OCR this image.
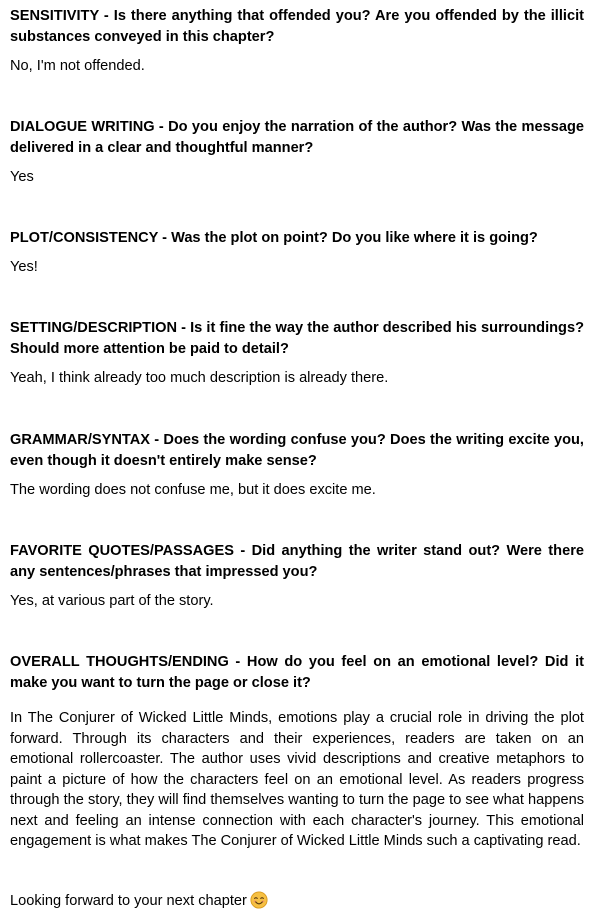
SENSITIVITY - Is there anything that offended you? Are you offended by the illicit substances conveyed in this chapter?

No, I'm not offended.

DIALOGUE WRITING - Do you enjoy the narration of the author? Was the message delivered in a clear and thoughtful manner?

Yes

PLOT/CONSISTENCY - Was the plot on point? Do you like where it is going?

Yes!

SETTING/DESCRIPTION - Is it fine the way the author described his surroundings? Should more attention be paid to detail?

Yeah, I think already too much description is already there.

GRAMMAR/SYNTAX - Does the wording confuse you? Does the writing excite you, even though it doesn't entirely make sense?

The wording does not confuse me, but it does excite me.

FAVORITE QUOTES/PASSAGES - Did anything the writer stand out? Were there any sentences/phrases that impressed you?

Yes, at various part of the story.

OVERALL THOUGHTS/ENDING - How do you feel on an emotional level? Did it make you want to turn the page or close it?

In The Conjurer of Wicked Little Minds, emotions play a crucial role in driving the plot forward. Through its characters and their experiences, readers are taken on an emotional rollercoaster. The author uses vivid descriptions and creative metaphors to paint a picture of how the characters feel on an emotional level. As readers progress through the story, they will find themselves wanting to turn the page to see what happens next and feeling an intense connection with each character's journey. This emotional engagement is what makes The Conjurer of Wicked Little Minds such a captivating read.

Looking forward to your next chapter
